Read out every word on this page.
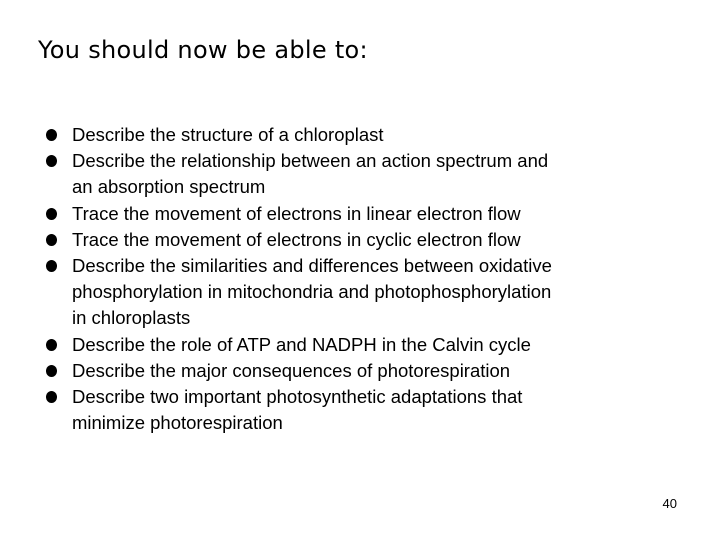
You should now be able to:
Describe the structure of a chloroplast
Describe the relationship between an action spectrum and
an absorption spectrum
Trace the movement of electrons in linear electron flow
Trace the movement of electrons in cyclic electron flow
Describe the similarities and differences between oxidative
phosphorylation in mitochondria and photophosphorylation
in chloroplasts
Describe the role of ATP and NADPH in the Calvin cycle
Describe the major consequences of photorespiration
Describe two important photosynthetic adaptations that
minimize photorespiration
40
